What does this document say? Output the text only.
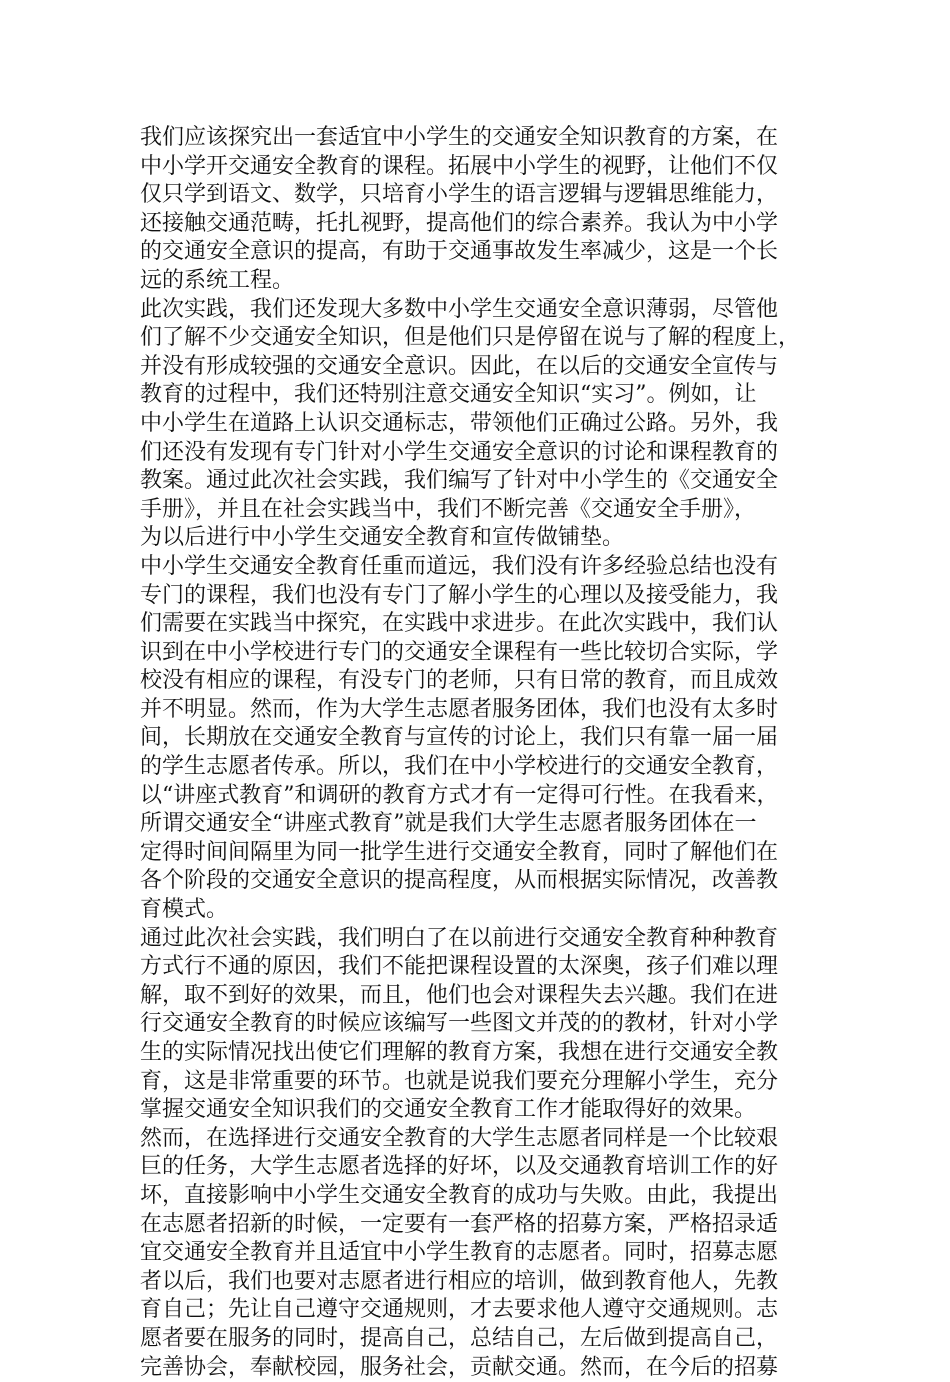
我们应该探究出一套适宜中小学生的交通安全知识教育的方案，在
中小学开交通安全教育的课程。拓展中小学生的视野，让他们不仅
仅只学到语文、数学，只培育小学生的语言逻辑与逻辑思维能力，
还接触交通范畴，托扎视野，提高他们的综合素养。我认为中小学
的交通安全意识的提高，有助于交通事故发生率减少，这是一个长
远的系统工程。
此次实践，我们还发现大多数中小学生交通安全意识薄弱，尽管他
们了解不少交通安全知识，但是他们只是停留在说与了解的程度上，
并没有形成较强的交通安全意识。因此，在以后的交通安全宣传与
教育的过程中，我们还特别注意交通安全知识“实习”。例如，让
中小学生在道路上认识交通标志，带领他们正确过公路。另外，我
们还没有发现有专门针对小学生交通安全意识的讨论和课程教育的
教案。通过此次社会实践，我们编写了针对中小学生的《交通安全
手册》，并且在社会实践当中，我们不断完善《交通安全手册》，
为以后进行中小学生交通安全教育和宣传做铺垫。
中小学生交通安全教育任重而道远，我们没有许多经验总结也没有
专门的课程，我们也没有专门了解小学生的心理以及接受能力，我
们需要在实践当中探究，在实践中求进步。在此次实践中，我们认
识到在中小学校进行专门的交通安全课程有一些比较切合实际，学
校没有相应的课程，有没专门的老师，只有日常的教育，而且成效
并不明显。然而，作为大学生志愿者服务团体，我们也没有太多时
间，长期放在交通安全教育与宣传的讨论上，我们只有靠一届一届
的学生志愿者传承。所以，我们在中小学校进行的交通安全教育，
以“讲座式教育”和调研的教育方式才有一定得可行性。在我看来，
所谓交通安全“讲座式教育”就是我们大学生志愿者服务团体在一
定得时间间隔里为同一批学生进行交通安全教育，同时了解他们在
各个阶段的交通安全意识的提高程度，从而根据实际情况，改善教
育模式。
通过此次社会实践，我们明白了在以前进行交通安全教育种种教育
方式行不通的原因，我们不能把课程设置的太深奥，孩子们难以理
解，取不到好的效果，而且，他们也会对课程失去兴趣。我们在进
行交通安全教育的时候应该编写一些图文并茂的的教材，针对小学
生的实际情况找出使它们理解的教育方案，我想在进行交通安全教
育，这是非常重要的环节。也就是说我们要充分理解小学生，充分
掌握交通安全知识我们的交通安全教育工作才能取得好的效果。
然而，在选择进行交通安全教育的大学生志愿者同样是一个比较艰
巨的任务，大学生志愿者选择的好坏，以及交通教育培训工作的好
坏，直接影响中小学生交通安全教育的成功与失败。由此，我提出
在志愿者招新的时候，一定要有一套严格的招募方案，严格招录适
宜交通安全教育并且适宜中小学生教育的志愿者。同时，招募志愿
者以后，我们也要对志愿者进行相应的培训，做到教育他人，先教
育自己；先让自己遵守交通规则，才去要求他人遵守交通规则。志
愿者要在服务的同时，提高自己，总结自己，左后做到提高自己，
完善协会，奉献校园，服务社会，贡献交通。然而，在今后的招募
